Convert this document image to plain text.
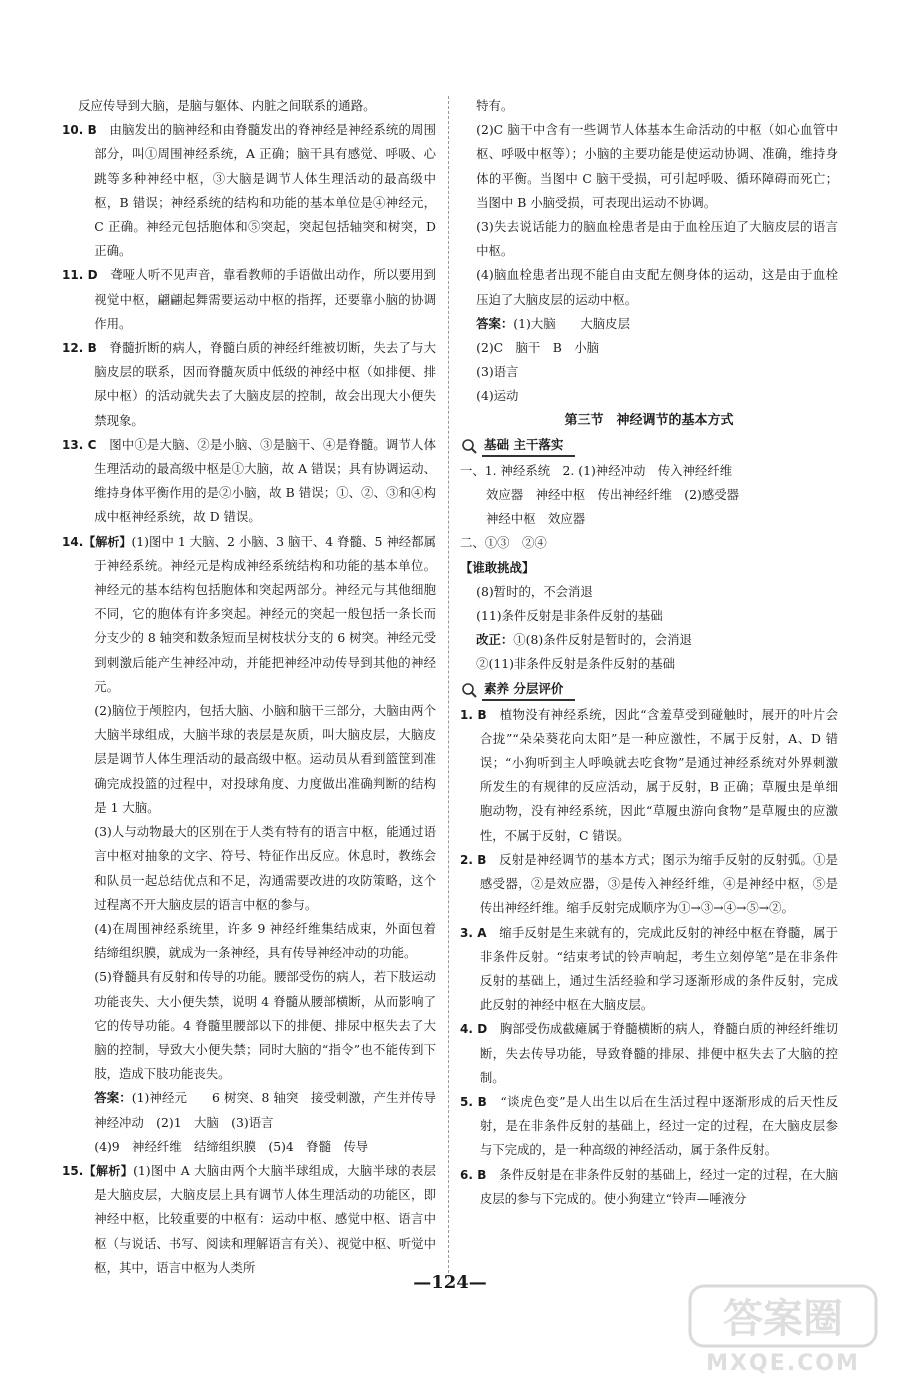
反应传导到大脑，是脑与躯体、内脏之间联系的通路。

10. B　 由脑发出的脑神经和由脊髓发出的脊神经是神经系统的周围部分，叫①周围神经系统，A 正确；脑干具有感觉、呼吸、心跳等多种神经中枢，③大脑是调节人体生理活动的最高级中枢，B 错误；神经系统的结构和功能的基本单位是④神经元，C 正确。神经元包括胞体和⑤突起，突起包括轴突和树突，D 正确。

11. D　 聋哑人听不见声音，靠看教师的手语做出动作，所以要用到视觉中枢，翩翩起舞需要运动中枢的指挥，还要靠小脑的协调作用。

12. B　 脊髓折断的病人，脊髓白质的神经纤维被切断，失去了与大脑皮层的联系，因而脊髓灰质中低级的神经中枢（如排便、排尿中枢）的活动就失去了大脑皮层的控制，故会出现大小便失禁现象。

13. C　 图中①是大脑、②是小脑、③是脑干、④是脊髓。调节人体生理活动的最高级中枢是①大脑，故 A 错误；具有协调运动、维持身体平衡作用的是②小脑，故 B 错误；①、②、③和④构成中枢神经系统，故 D 错误。

14.【解析】(1)图中 1 大脑、2 小脑、3 脑干、4 脊髓、5 神经都属于神经系统。神经元是构成神经系统结构和功能的基本单位。神经元的基本结构包括胞体和突起两部分。神经元与其他细胞不同，它的胞体有许多突起。神经元的突起一般包括一条长而分支少的 8 轴突和数条短而呈树枝状分支的 6 树突。神经元受到刺激后能产生神经冲动，并能把神经冲动传导到其他的神经元。

(2)脑位于颅腔内，包括大脑、小脑和脑干三部分，大脑由两个大脑半球组成，大脑半球的表层是灰质，叫大脑皮层，大脑皮层是调节人体生理活动的最高级中枢。运动员从看到篮筐到准确完成投篮的过程中，对投球角度、力度做出准确判断的结构是 1 大脑。

(3)人与动物最大的区别在于人类有特有的语言中枢，能通过语言中枢对抽象的文字、符号、特征作出反应。休息时，教练会和队员一起总结优点和不足，沟通需要改进的攻防策略，这个过程离不开大脑皮层的语言中枢的参与。

(4)在周围神经系统里，许多 9 神经纤维集结成束，外面包着结缔组织膜，就成为一条神经，具有传导神经冲动的功能。

(5)脊髓具有反射和传导的功能。腰部受伤的病人，若下肢运动功能丧失、大小便失禁，说明 4 脊髓从腰部横断，从而影响了它的传导功能。4 脊髓里腰部以下的排便、排尿中枢失去了大脑的控制，导致大小便失禁；同时大脑的“指令”也不能传到下肢，造成下肢功能丧失。

答案：(1)神经元　　6 树突、8 轴突　接受刺激，产生并传导神经冲动　(2)1　大脑　(3)语言

(4)9　神经纤维　结缔组织膜　(5)4　脊髓　传导

15.【解析】(1)图中 A 大脑由两个大脑半球组成，大脑半球的表层是大脑皮层，大脑皮层上具有调节人体生理活动的功能区，即神经中枢，比较重要的中枢有：运动中枢、感觉中枢、语言中枢（与说话、书写、阅读和理解语言有关）、视觉中枢、听觉中枢，其中，语言中枢为人类所

特有。

(2)C 脑干中含有一些调节人体基本生命活动的中枢（如心血管中枢、呼吸中枢等）；小脑的主要功能是使运动协调、准确，维持身体的平衡。当图中 C 脑干受损，可引起呼吸、循环障碍而死亡；当图中 B 小脑受损，可表现出运动不协调。

(3)失去说话能力的脑血栓患者是由于血栓压迫了大脑皮层的语言中枢。

(4)脑血栓患者出现不能自由支配左侧身体的运动，这是由于血栓压迫了大脑皮层的运动中枢。

答案：(1)大脑　　大脑皮层

(2)C　脑干　B　小脑

(3)语言

(4)运动

第三节　神经调节的基本方式

基础 主干落实

一、1. 神经系统　2. (1)神经冲动　传入神经纤维

效应器　神经中枢　传出神经纤维　(2)感受器

神经中枢　效应器

二、①③　②④

【谁敢挑战】

(8)暂时的，不会消退

(11)条件反射是非条件反射的基础

改正：①(8)条件反射是暂时的，会消退

②(11)非条件反射是条件反射的基础

素养 分层评价

1. B　 植物没有神经系统，因此“含羞草受到碰触时，展开的叶片会合拢”“朵朵葵花向太阳”是一种应激性，不属于反射，A、D 错误；“小狗听到主人呼唤就去吃食物”是通过神经系统对外界刺激所发生的有规律的反应活动，属于反射，B 正确；草履虫是单细胞动物，没有神经系统，因此“草履虫游向食物”是草履虫的应激性，不属于反射，C 错误。

2. B　 反射是神经调节的基本方式；图示为缩手反射的反射弧。①是感受器，②是效应器，③是传入神经纤维，④是神经中枢，⑤是传出神经纤维。缩手反射完成顺序为①→③→④→⑤→②。

3. A　 缩手反射是生来就有的，完成此反射的神经中枢在脊髓，属于非条件反射。“结束考试的铃声响起，考生立刻停笔”是在非条件反射的基础上，通过生活经验和学习逐渐形成的条件反射，完成此反射的神经中枢在大脑皮层。

4. D　 胸部受伤成截瘫属于脊髓横断的病人，脊髓白质的神经纤维切断，失去传导功能，导致脊髓的排尿、排便中枢失去了大脑的控制。

5. B　 “谈虎色变”是人出生以后在生活过程中逐渐形成的后天性反射，是在非条件反射的基础上，经过一定的过程，在大脑皮层参与下完成的，是一种高级的神经活动，属于条件反射。

6. B　 条件反射是在非条件反射的基础上，经过一定的过程，在大脑皮层的参与下完成的。使小狗建立“铃声—唾液分

—124—
答案圈
MXQE.COM
